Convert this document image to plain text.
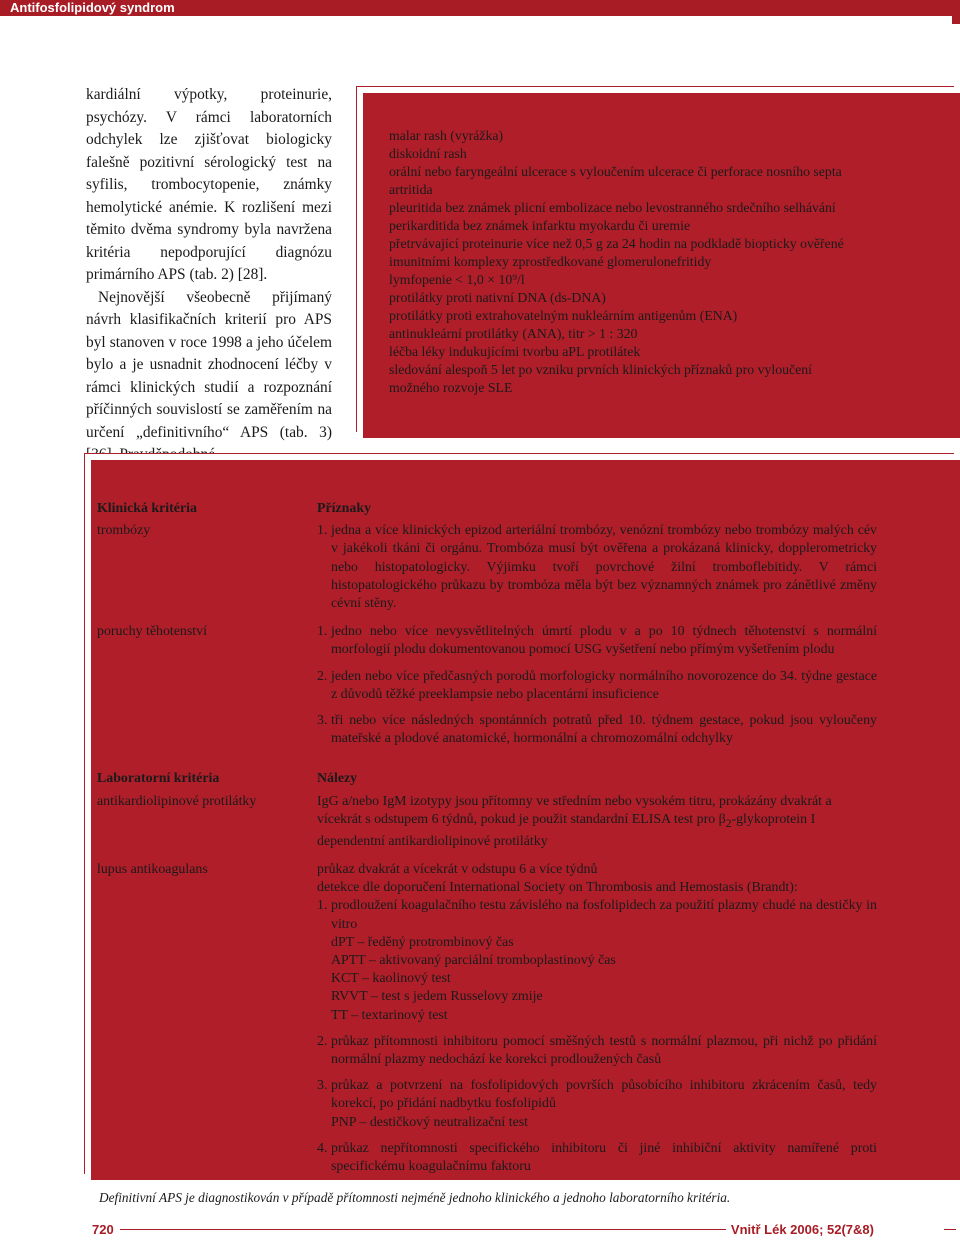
Antifosfolipidový syndrom

kardiální výpotky, proteinurie, psychózy. V rámci laboratorních odchylek lze zjišťovat biologicky falešně pozitivní sérologický test na syfilis, trombocytopenie, známky hemolytické anémie. K rozlišení mezi těmito dvěma syndromy byla navržena kritéria nepodporující diagnózu primárního APS (tab. 2) [28].

Nejnovější všeobecně přijímaný návrh klasifikačních kriterií pro APS byl stanoven v roce 1998 a jeho účelem bylo a je usnadnit zhodnocení léčby v rámci klinických studií a rozpoznání příčinných souvislostí se zaměřením na určení „definitivního“ APS (tab. 3)

Tab. 2. Kritéria nepodporující diagnózu primárního APS [28].
malar rash (vyrážka)
diskoidní rash
orální nebo faryngeální ulcerace s vyloučením ulcerace či perforace nosního septa
artritida
pleuritida bez známek plicní embolizace nebo levostranného srdečního selhávání
perikarditida bez známek infarktu myokardu či uremie
přetrvávající proteinurie více než 0,5 g za 24 hodin na podkladě biopticky ověřené imunitními komplexy zprostředkované glomerulonefritidy
lymfopenie < 1,0 × 10⁹/l
protilátky proti nativní DNA (ds-DNA)
protilátky proti extrahovatelným nukleárním antigenům (ENA)
antinukleární protilátky (ANA), titr > 1 : 320
léčba léky indukujícími tvorbu aPL protilátek
sledování alespoň 5 let po vzniku prvních klinických příznaků pro vyloučení možného rozvoje SLE
Tab. 3. Navrhovaná kritéria pro klasifikaci APS podle International Consensus Statement [36].
Klinická kritéria	Příznaky
trombózy	1. jedna a více klinických epizod arteriální trombózy, venózní trombózy nebo trombózy malých cév v jakékoli tkáni či orgánu. Trombóza musí být ověřena a prokázaná klinicky, dopplerometricky nebo histopatologicky. Výjimku tvoří povrchové žilní tromboflebitidy. V rámci histopatologického průkazu by trombóza měla být bez významných známek pro zánětlivé změny cévní stěny.
poruchy těhotenství	1. jedno nebo více nevysvětlitelných úmrtí plodu v a po 10 týdnech těhotenství s normální morfologií plodu dokumentovanou pomocí USG vyšetření nebo přímým vyšetřením plodu
2. jeden nebo více předčasných porodů morfologicky normálního novorozence do 34. týdne gestace z důvodů těžké preeklampsie nebo placentární insuficience
3. tři nebo více následných spontánních potratů před 10. týdnem gestace, pokud jsou vyloučeny mateřské a plodové anatomické, hormonální a chromozomální odchylky
Laboratorní kritéria	Nálezy
antikardiolipinové protilátky	IgG a/nebo IgM izotypy jsou přítomny ve středním nebo vysokém titru, prokázány dvakrát a vícekrát s odstupem 6 týdnů, pokud je použit standardní ELISA test pro $\beta_2$-glykoprotein I dependentní antikardiolipinové protilátky
lupus antikoagulans	průkaz dvakrát a vícekrát v odstupu 6 a více týdnů
detekce dle doporučení International Society on Thrombosis and Hemostasis (Brandt):
1. prodloužení koagulačního testu závislého na fosfolipidech za použití plazmy chudé na destičky in vitro
dPT – ředěný protrombinový čas
APTT – aktivovaný parciální tromboplastinový čas
KCT – kaolinový test
RVVT – test s jedem Russelovy zmije
TT – textarinový test
2. průkaz přítomnosti inhibitoru pomocí směšných testů s normální plazmou, při nichž po přidání normální plazmy nedochází ke korekci prodloužených časů
3. průkaz a potvrzení na fosfolipidových površích působícího inhibitoru zkrácením časů, tedy korekcí, po přidání nadbytku fosfolipidů
PNP – destičkový neutralizační test
4. průkaz nepřítomnosti specifického inhibitoru či jiné inhibiční aktivity namířené proti specifickému koagulačnímu faktoru
Definitivní APS je diagnostikován v případě přítomnosti nejméně jednoho klinického a jednoho laboratorního kritéria.
720	Vnitř Lék 2006; 52(7&8)
